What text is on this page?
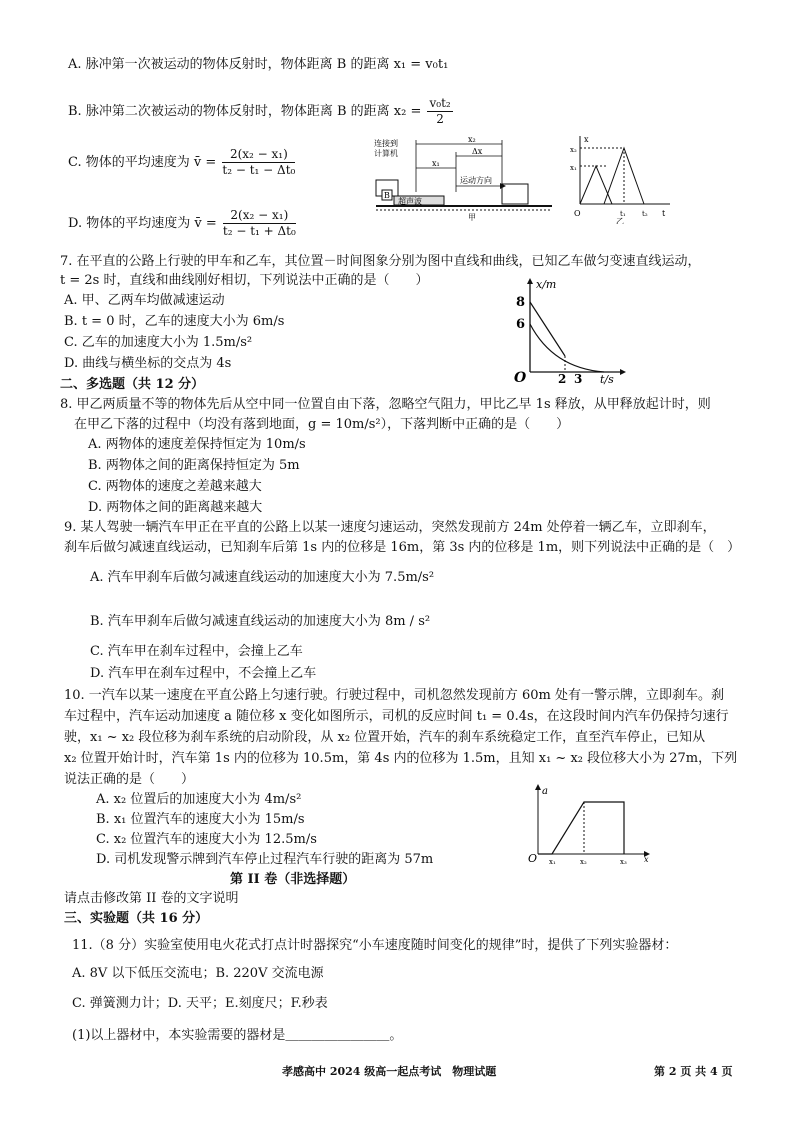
A. 脉冲第一次被运动的物体反射时，物体距离 B 的距离 x₁ = v₀t₁
B. 脉冲第二次被运动的物体反射时，物体距离 B 的距离 $x_2 = \frac{\text{v₀t₂}}{2}$
C. 物体的平均速度为 v̄ = $\frac{\text{2(x₂ − x₁)}}{\text{t₂ − t₁ − Δt₀}}$
D. 物体的平均速度为 v̄ = $\frac{\text{2(x₂ − x₁)}}{\text{t₂ − t₁ + Δt₀}}$
连接到
计算机
B
超声波
x₂
Δx
x₁
运动方向
甲
x
x₂
x₁
O	t₁ t₂ t
乙
7. 在平直的公路上行驶的甲车和乙车，其位置－时间图象分别为图中直线和曲线，已知乙车做匀变速直线运动，
t = 2s 时，直线和曲线刚好相切，下列说法中正确的是（　　）
A. 甲、乙两车均做减速运动
B. t = 0 时，乙车的速度大小为 6m/s
C. 乙车的加速度大小为 1.5m/s²
D. 曲线与横坐标的交点为 4s
x/m
8
6
O	2 3 t/s
二、多选题（共 12 分）
8. 甲乙两质量不等的物体先后从空中同一位置自由下落，忽略空气阻力，甲比乙早 1s 释放，从甲释放起计时，则
在甲乙下落的过程中（均没有落到地面，g = 10m/s²），下落判断中正确的是（　　）
A. 两物体的速度差保持恒定为 10m/s
B. 两物体之间的距离保持恒定为 5m
C. 两物体的速度之差越来越大
D. 两物体之间的距离越来越大
9. 某人驾驶一辆汽车甲正在平直的公路上以某一速度匀速运动，突然发现前方 24m 处停着一辆乙车，立即刹车，
刹车后做匀减速直线运动，已知刹车后第 1s 内的位移是 16m，第 3s 内的位移是 1m，则下列说法中正确的是（　）
A. 汽车甲刹车后做匀减速直线运动的加速度大小为 7.5m/s²
B. 汽车甲刹车后做匀减速直线运动的加速度大小为 8m / s²
C. 汽车甲在刹车过程中，会撞上乙车
D. 汽车甲在刹车过程中，不会撞上乙车
10. 一汽车以某一速度在平直公路上匀速行驶。行驶过程中，司机忽然发现前方 60m 处有一警示牌，立即刹车。刹
车过程中，汽车运动加速度 a 随位移 x 变化如图所示，司机的反应时间 t₁ = 0.4s，在这段时间内汽车仍保持匀速行
驶，x₁ ~ x₂ 段位移为刹车系统的启动阶段，从 x₂ 位置开始，汽车的刹车系统稳定工作，直至汽车停止，已知从
x₂ 位置开始计时，汽车第 1s 内的位移为 10.5m，第 4s 内的位移为 1.5m，且知 x₁ ~ x₂ 段位移大小为 27m，下列
说法正确的是（　　）
A. x₂ 位置后的加速度大小为 4m/s²
B. x₁ 位置汽车的速度大小为 15m/s
C. x₂ 位置汽车的速度大小为 12.5m/s
D. 司机发现警示牌到汽车停止过程汽车行驶的距离为 57m
a
O x₁	x₂	x₃ x
第 II 卷（非选择题）
请点击修改第 II 卷的文字说明
三、实验题（共 16 分）
11.（8 分）实验室使用电火花式打点计时器探究“小车速度随时间变化的规律”时，提供了下列实验器材：
A. 8V 以下低压交流电；B. 220V 交流电源
C. 弹簧测力计；D. 天平；E.刻度尺；F.秒表
(1)以上器材中，本实验需要的器材是＿＿＿＿＿＿＿＿。
孝感高中 2024 级高一起点考试　物理试题	第 2 页 共 4 页
